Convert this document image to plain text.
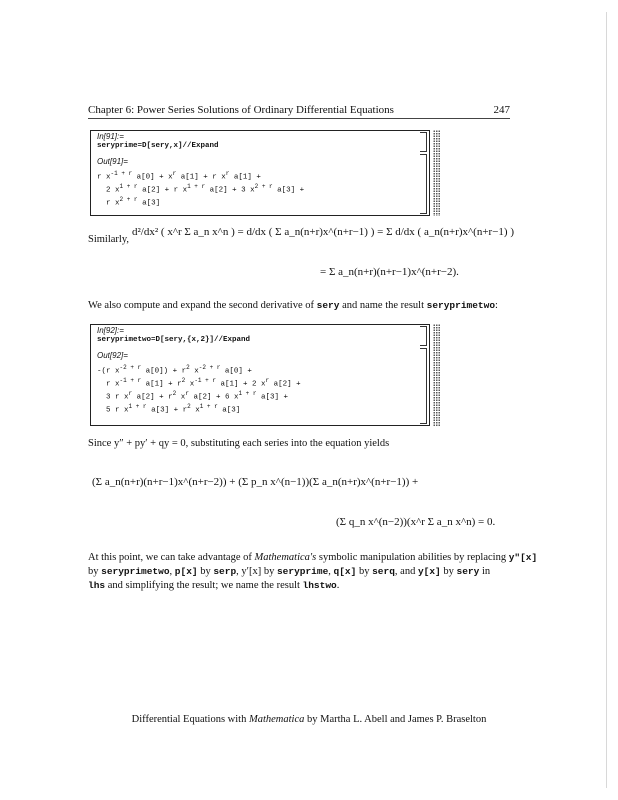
Chapter 6: Power Series Solutions of Ordinary Differential Equations	247
In[91]:=
seryprime=D[sery,x]//Expand
Out[91]=
r $x^{-1 + r}$ $a[0] + x^r$ a[1] + r $x^r$ a[1] +
2 $x^{1 + r}$ a[2] + r $x^{1 + r}$ a[2] + 3 $x^{2 + r}$ a[3] +
r $x^{2 + r}$ a[3]
Similarly,
d²/dx² ( x^r Σ a_n x^n ) = d/dx ( Σ a_n(n+r)x^(n+r−1) ) = Σ d/dx ( a_n(n+r)x^(n+r−1) )
= Σ a_n(n+r)(n+r−1)x^(n+r−2).
We also compute and expand the second derivative of sery and name the result seryprimetwo:
In[92]:=
seryprimetwo=D[sery,{x,2}]//Expand
Out[92]=
-(r $x^{-2 + r}$ $a[0]) + r^2$ $x^{-2 + r}$ a[0] +
r $x^{-1 + r}$ $a[1] + r^2$ $x^{-1 + r}$ a[1] + 2 $x^r$ a[2] +
3 r $x^r$ $a[2] + r^2$ $x^r$ a[2] + 6 $x^{1 + r}$ a[3] +
5 r $x^{1 + r}$ $a[3] + r^2$ $x^{1 + r}$ a[3]
Since y″ + py′ + qy = 0, substituting each series into the equation yields
(Σ a_n(n+r)(n+r−1)x^(n+r−2)) + (Σ p_n x^(n−1))(Σ a_n(n+r)x^(n+r−1)) +
(Σ q_n x^(n−2))(x^r Σ a_n x^n) = 0.
At this point, we can take advantage of Mathematica's symbolic manipulation abilities by replacing y″[x]
by seryprimetwo, p[x] by serp, y′[x] by seryprime, q[x] by serq, and y[x] by sery in
lhs and simplifying the result; we name the result lhstwo.
Differential Equations with Mathematica by Martha L. Abell and James P. Braselton
